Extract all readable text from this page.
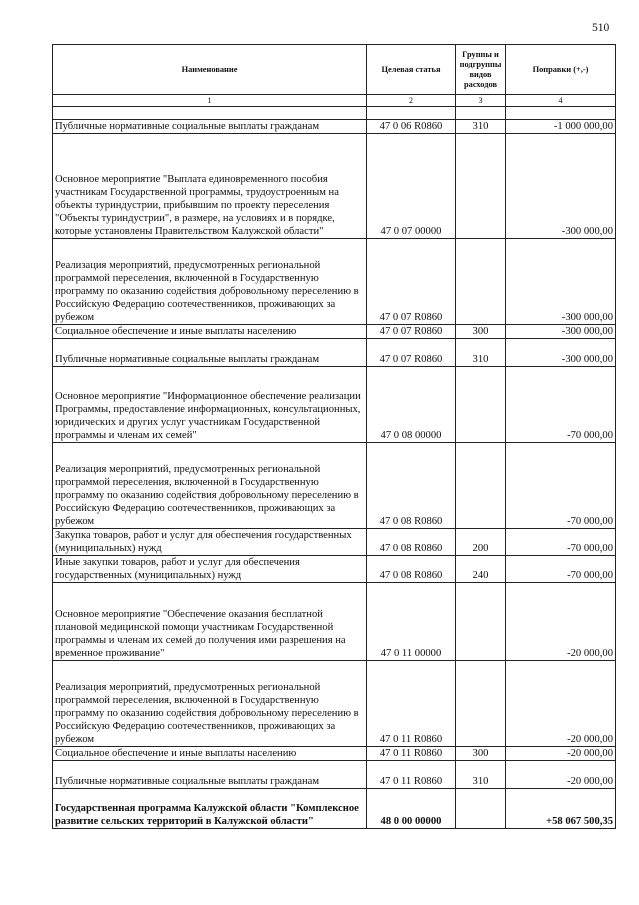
510
Наименование	Целевая статья	Группы и подгруппы видов расходов	Поправки (+,-)
1	2	3	4

Публичные нормативные социальные выплаты гражданам	47 0 06 R0860	310	-1 000 000,00
Основное мероприятие "Выплата единовременного пособия участникам Государственной программы, трудоустроенным на объекты туриндустрии, прибывшим по проекту переселения "Объекты туриндустрии", в размере, на условиях и в порядке, которые установлены Правительством Калужской области"	47 0 07 00000		-300 000,00
Реализация мероприятий, предусмотренных региональной программой переселения, включенной в Государственную программу по оказанию содействия добровольному переселению в Российскую Федерацию соотечественников, проживающих за рубежом	47 0 07 R0860		-300 000,00
Социальное обеспечение и иные выплаты населению	47 0 07 R0860	300	-300 000,00
Публичные нормативные социальные выплаты гражданам	47 0 07 R0860	310	-300 000,00
Основное мероприятие "Информационное обеспечение реализации Программы, предоставление информационных, консультационных, юридических и других услуг участникам Государственной программы и членам их семей"	47 0 08 00000		-70 000,00
Реализация мероприятий, предусмотренных региональной программой переселения, включенной в Государственную программу по оказанию содействия добровольному переселению в Российскую Федерацию соотечественников, проживающих за рубежом	47 0 08 R0860		-70 000,00
Закупка товаров, работ и услуг для обеспечения государственных (муниципальных) нужд	47 0 08 R0860	200	-70 000,00
Иные закупки товаров, работ и услуг для обеспечения государственных (муниципальных) нужд	47 0 08 R0860	240	-70 000,00
Основное мероприятие "Обеспечение оказания бесплатной плановой медицинской помощи участникам Государственной программы и членам их семей до получения ими разрешения на временное проживание"	47 0 11 00000		-20 000,00
Реализация мероприятий, предусмотренных региональной программой переселения, включенной в Государственную программу по оказанию содействия добровольному переселению в Российскую Федерацию соотечественников, проживающих за рубежом	47 0 11 R0860		-20 000,00
Социальное обеспечение и иные выплаты населению	47 0 11 R0860	300	-20 000,00
Публичные нормативные социальные выплаты гражданам	47 0 11 R0860	310	-20 000,00
Государственная программа Калужской области "Комплексное развитие сельских территорий в Калужской области"	48 0 00 00000		+58 067 500,35
